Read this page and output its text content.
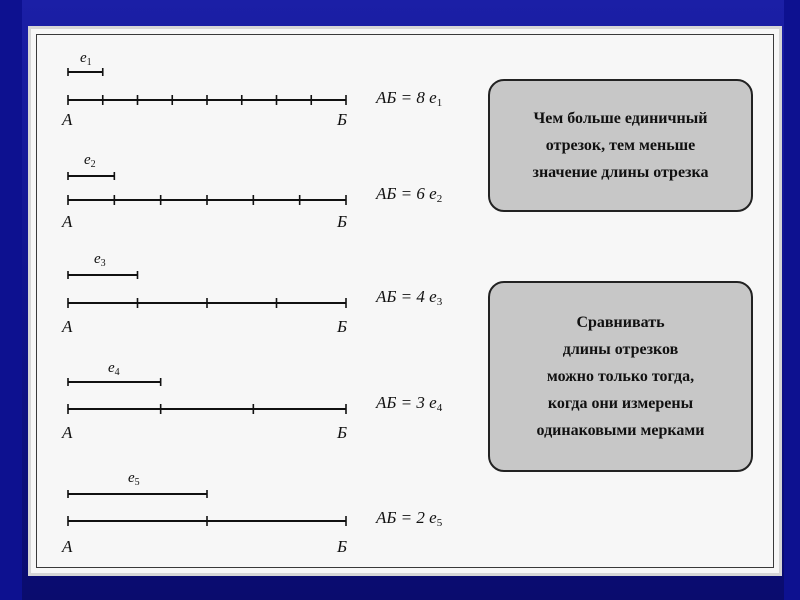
$е_1$
А	Б
АБ = 8 $е_1$
$е_2$
А	Б
АБ = 6 $е_2$
$е_3$
А	Б
АБ = 4 $е_3$
$е_4$
А	Б
АБ = 3 $е_4$
$е_5$
А	Б
АБ = 2 $е_5$
Чем больше единичный
отрезок, тем меньше
значение длины отрезка
Сравнивать
длины отрезков
можно только тогда,
когда они измерены
одинаковыми мерками
